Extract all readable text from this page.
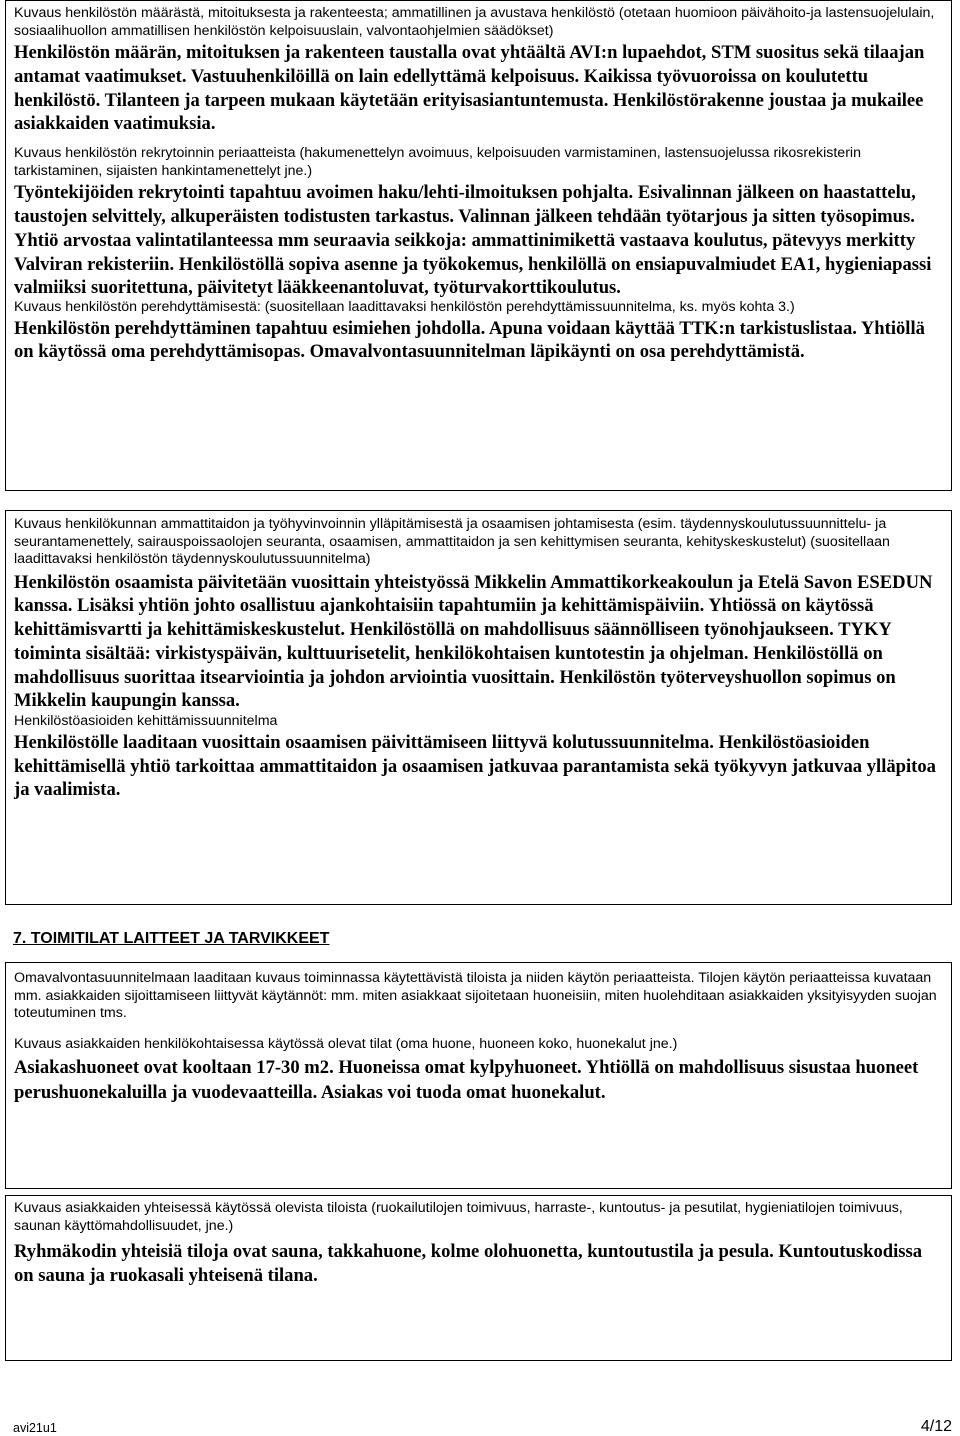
Kuvaus henkilöstön määrästä, mitoituksesta ja rakenteesta; ammatillinen ja avustava henkilöstö (otetaan huomioon päivähoito-ja lastensuojelulain, sosiaalihuollon ammatillisen henkilöstön kelpoisuuslain, valvontaohjelmien säädökset)

Henkilöstön määrän, mitoituksen ja rakenteen taustalla ovat yhtäältä AVI:n lupaehdot, STM suositus sekä tilaajan antamat vaatimukset. Vastuuhenkilöillä on lain edellyttämä kelpoisuus. Kaikissa työvuoroissa on koulutettu henkilöstö. Tilanteen ja tarpeen mukaan käytetään erityisasiantuntemusta. Henkilöstörakenne joustaa ja mukailee asiakkaiden vaatimuksia.

Kuvaus henkilöstön rekrytoinnin periaatteista (hakumenettelyn avoimuus, kelpoisuuden varmistaminen, lastensuojelussa rikosrekisterin tarkistaminen, sijaisten hankintamenettelyt jne.)

Työntekijöiden rekrytointi tapahtuu avoimen haku/lehti-ilmoituksen pohjalta. Esivalinnan jälkeen on haastattelu, taustojen selvittely, alkuperäisten todistusten tarkastus. Valinnan jälkeen tehdään työtarjous ja sitten työsopimus. Yhtiö arvostaa valintatilanteessa mm seuraavia seikkoja: ammattinimikettä vastaava koulutus, pätevyys merkitty Valviran rekisteriin. Henkilöstöllä sopiva asenne ja työkokemus, henkilöllä on ensiapuvalmiudet EA1, hygieniapassi valmiiksi suoritettuna, päivitetyt lääkkeenantoluvat, työturvakorttikoulutus.

Kuvaus henkilöstön perehdyttämisestä: (suositellaan laadittavaksi henkilöstön perehdyttämissuunnitelma, ks. myös kohta 3.)

Henkilöstön perehdyttäminen tapahtuu esimiehen johdolla. Apuna voidaan käyttää TTK:n tarkistuslistaa. Yhtiöllä on käytössä oma perehdyttämisopas. Omavalvontasuunnitelman läpikäynti on osa perehdyttämistä.

Kuvaus henkilökunnan ammattitaidon ja työhyvinvoinnin ylläpitämisestä ja osaamisen johtamisesta (esim. täydennyskoulutussuunnittelu- ja seurantamenettely, sairauspoissaolojen seuranta, osaamisen, ammattitaidon ja sen kehittymisen seuranta, kehityskeskustelut) (suositellaan laadittavaksi henkilöstön täydennyskoulutussuunnitelma)

Henkilöstön osaamista päivitetään vuosittain yhteistyössä Mikkelin Ammattikorkeakoulun ja Etelä Savon ESEDUN kanssa. Lisäksi yhtiön johto osallistuu ajankohtaisiin tapahtumiin ja kehittämispäiviin. Yhtiössä on käytössä kehittämisvartti ja kehittämiskeskustelut. Henkilöstöllä on mahdollisuus säännölliseen työnohjaukseen. TYKY toiminta sisältää: virkistyspäivän, kulttuurisetelit, henkilökohtaisen kuntotestin ja ohjelman. Henkilöstöllä on mahdollisuus suorittaa itsearviointia ja johdon arviointia vuosittain. Henkilöstön työterveyshuollon sopimus on Mikkelin kaupungin kanssa.

Henkilöstöasioiden kehittämissuunnitelma

Henkilöstölle laaditaan vuosittain osaamisen päivittämiseen liittyvä kolutussuunnitelma. Henkilöstöasioiden kehittämisellä yhtiö tarkoittaa ammattitaidon ja osaamisen jatkuvaa parantamista sekä työkyvyn jatkuvaa ylläpitoa ja vaalimista.

7. TOIMITILAT LAITTEET JA TARVIKKEET

Omavalvontasuunnitelmaan laaditaan kuvaus toiminnassa käytettävistä tiloista ja niiden käytön periaatteista. Tilojen käytön periaatteissa kuvataan mm. asiakkaiden sijoittamiseen liittyvät käytännöt: mm. miten asiakkaat sijoitetaan huoneisiin, miten huolehditaan asiakkaiden yksityisyyden suojan toteutuminen tms.

Kuvaus asiakkaiden henkilökohtaisessa käytössä olevat tilat (oma huone, huoneen koko, huonekalut jne.)

Asiakashuoneet ovat kooltaan 17-30 m2. Huoneissa omat kylpyhuoneet. Yhtiöllä on mahdollisuus sisustaa huoneet perushuonekaluilla ja vuodevaatteilla. Asiakas voi tuoda omat huonekalut.

Kuvaus asiakkaiden yhteisessä käytössä olevista tiloista (ruokailutilojen toimivuus, harraste-, kuntoutus- ja pesutilat, hygieniatilojen toimivuus, saunan käyttömahdollisuudet, jne.)

Ryhmäkodin yhteisiä tiloja ovat sauna, takkahuone, kolme olohuonetta, kuntoutustila ja pesula. Kuntoutuskodissa on sauna ja ruokasali yhteisenä tilana.

avi21u1	4/12
